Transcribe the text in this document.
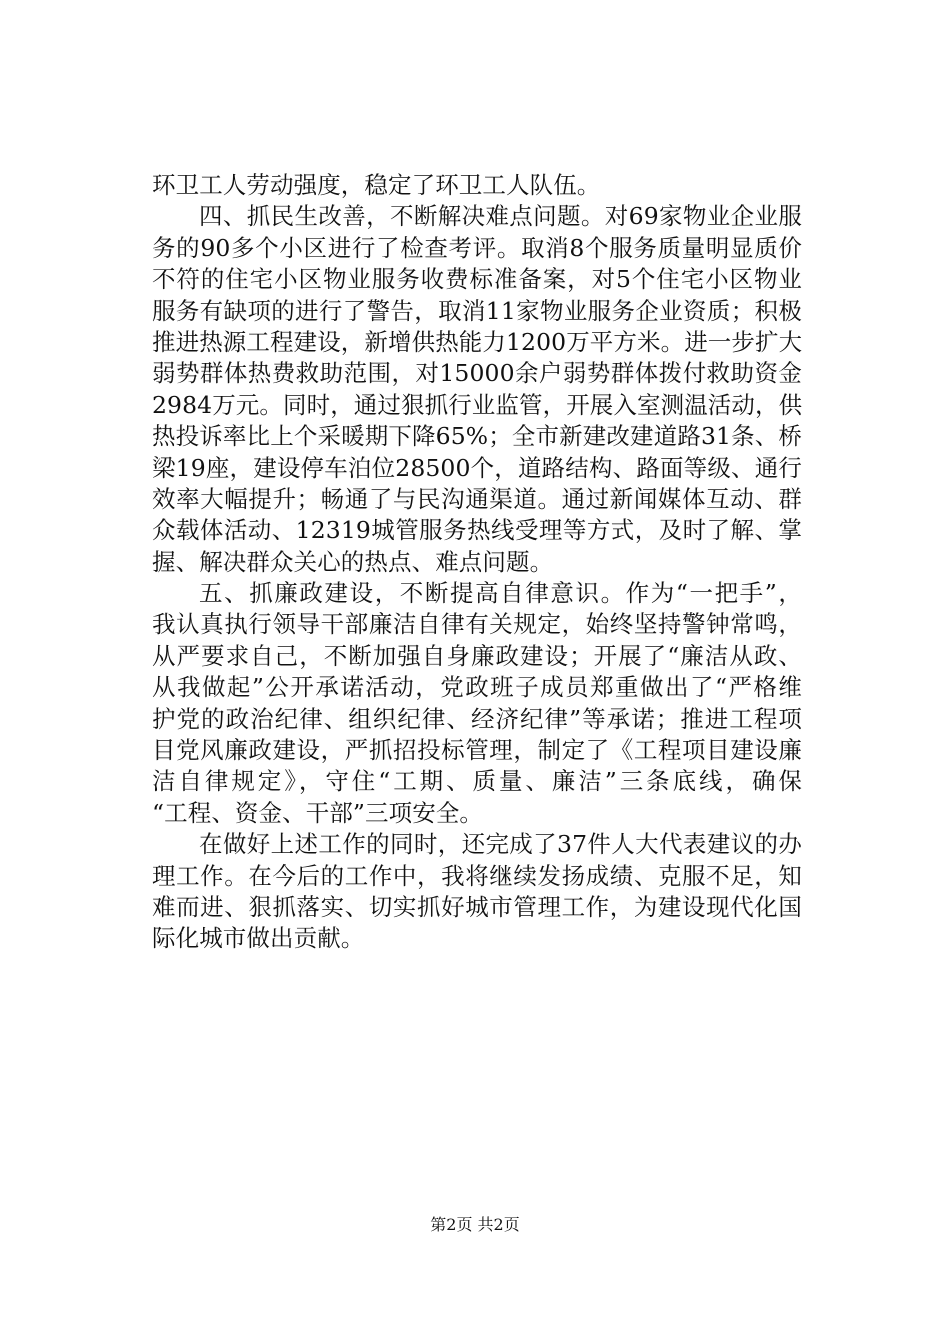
环卫工人劳动强度，稳定了环卫工人队伍。
四、抓民生改善，不断解决难点问题。对69家物业企业服
务的90多个小区进行了检查考评。取消8个服务质量明显质价
不符的住宅小区物业服务收费标准备案，对5个住宅小区物业
服务有缺项的进行了警告，取消11家物业服务企业资质；积极
推进热源工程建设，新增供热能力1200万平方米。进一步扩大
弱势群体热费救助范围，对15000余户弱势群体拨付救助资金
2984万元。同时，通过狠抓行业监管，开展入室测温活动，供
热投诉率比上个采暖期下降65%；全市新建改建道路31条、桥
梁19座，建设停车泊位28500个，道路结构、路面等级、通行
效率大幅提升；畅通了与民沟通渠道。通过新闻媒体互动、群
众载体活动、12319城管服务热线受理等方式，及时了解、掌
握、解决群众关心的热点、难点问题。
五、抓廉政建设，不断提高自律意识。作为“一把手”，
我认真执行领导干部廉洁自律有关规定，始终坚持警钟常鸣，
从严要求自己，不断加强自身廉政建设；开展了“廉洁从政、
从我做起”公开承诺活动，党政班子成员郑重做出了“严格维
护党的政治纪律、组织纪律、经济纪律”等承诺；推进工程项
目党风廉政建设，严抓招投标管理，制定了《工程项目建设廉
洁自律规定》，守住“工期、质量、廉洁”三条底线，确保
“工程、资金、干部”三项安全。
在做好上述工作的同时，还完成了37件人大代表建议的办
理工作。在今后的工作中，我将继续发扬成绩、克服不足，知
难而进、狠抓落实、切实抓好城市管理工作，为建设现代化国
际化城市做出贡献。
第2页 共2页
